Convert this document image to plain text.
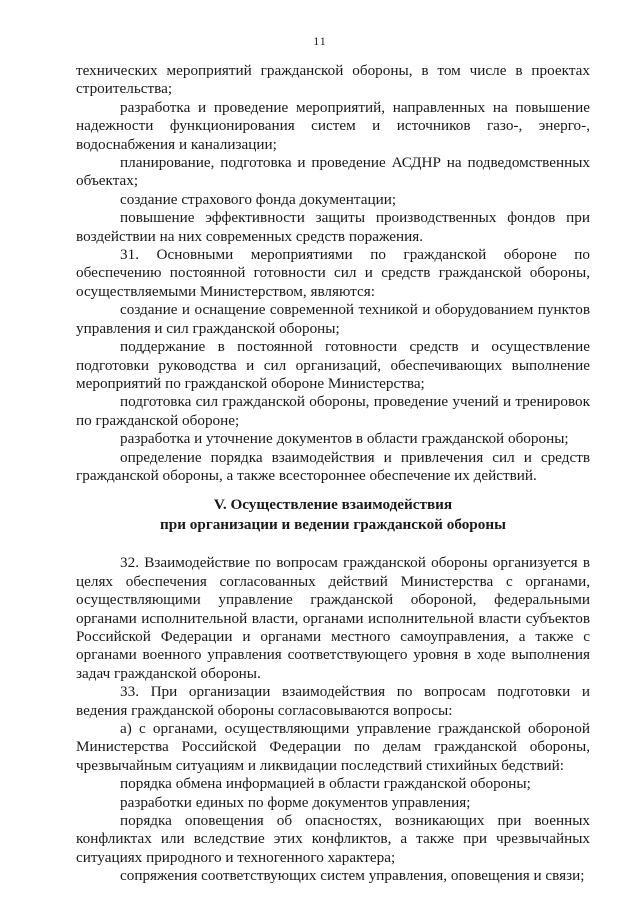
11

технических мероприятий гражданской обороны, в том числе в проектах строительства;

разработка и проведение мероприятий, направленных на повышение надежности функционирования систем и источников газо-, энерго-, водоснабжения и канализации;

планирование, подготовка и проведение АСДНР на подведомственных объектах;

создание страхового фонда документации;

повышение эффективности защиты производственных фондов при воздействии на них современных средств поражения.

31. Основными мероприятиями по гражданской обороне по обеспечению постоянной готовности сил и средств гражданской обороны, осуществляемыми Министерством, являются:

создание и оснащение современной техникой и оборудованием пунктов управления и сил гражданской обороны;

поддержание в постоянной готовности средств и осуществление подготовки руководства и сил организаций, обеспечивающих выполнение мероприятий по гражданской обороне Министерства;

подготовка сил гражданской обороны, проведение учений и тренировок по гражданской обороне;

разработка и уточнение документов в области гражданской обороны;

определение порядка взаимодействия и привлечения сил и средств гражданской обороны, а также всестороннее обеспечение их действий.

V. Осуществление взаимодействия
при организации и ведении гражданской обороны

32. Взаимодействие по вопросам гражданской обороны организуется в целях обеспечения согласованных действий Министерства с органами, осуществляющими управление гражданской обороной, федеральными органами исполнительной власти, органами исполнительной власти субъектов Российской Федерации и органами местного самоуправления, а также с органами военного управления соответствующего уровня в ходе выполнения задач гражданской обороны.

33. При организации взаимодействия по вопросам подготовки и ведения гражданской обороны согласовываются вопросы:

а) с органами, осуществляющими управление гражданской обороной Министерства Российской Федерации по делам гражданской обороны, чрезвычайным ситуациям и ликвидации последствий стихийных бедствий:

порядка обмена информацией в области гражданской обороны;

разработки единых по форме документов управления;

порядка оповещения об опасностях, возникающих при военных конфликтах или вследствие этих конфликтов, а также при чрезвычайных ситуациях природного и техногенного характера;

сопряжения соответствующих систем управления, оповещения и связи;
